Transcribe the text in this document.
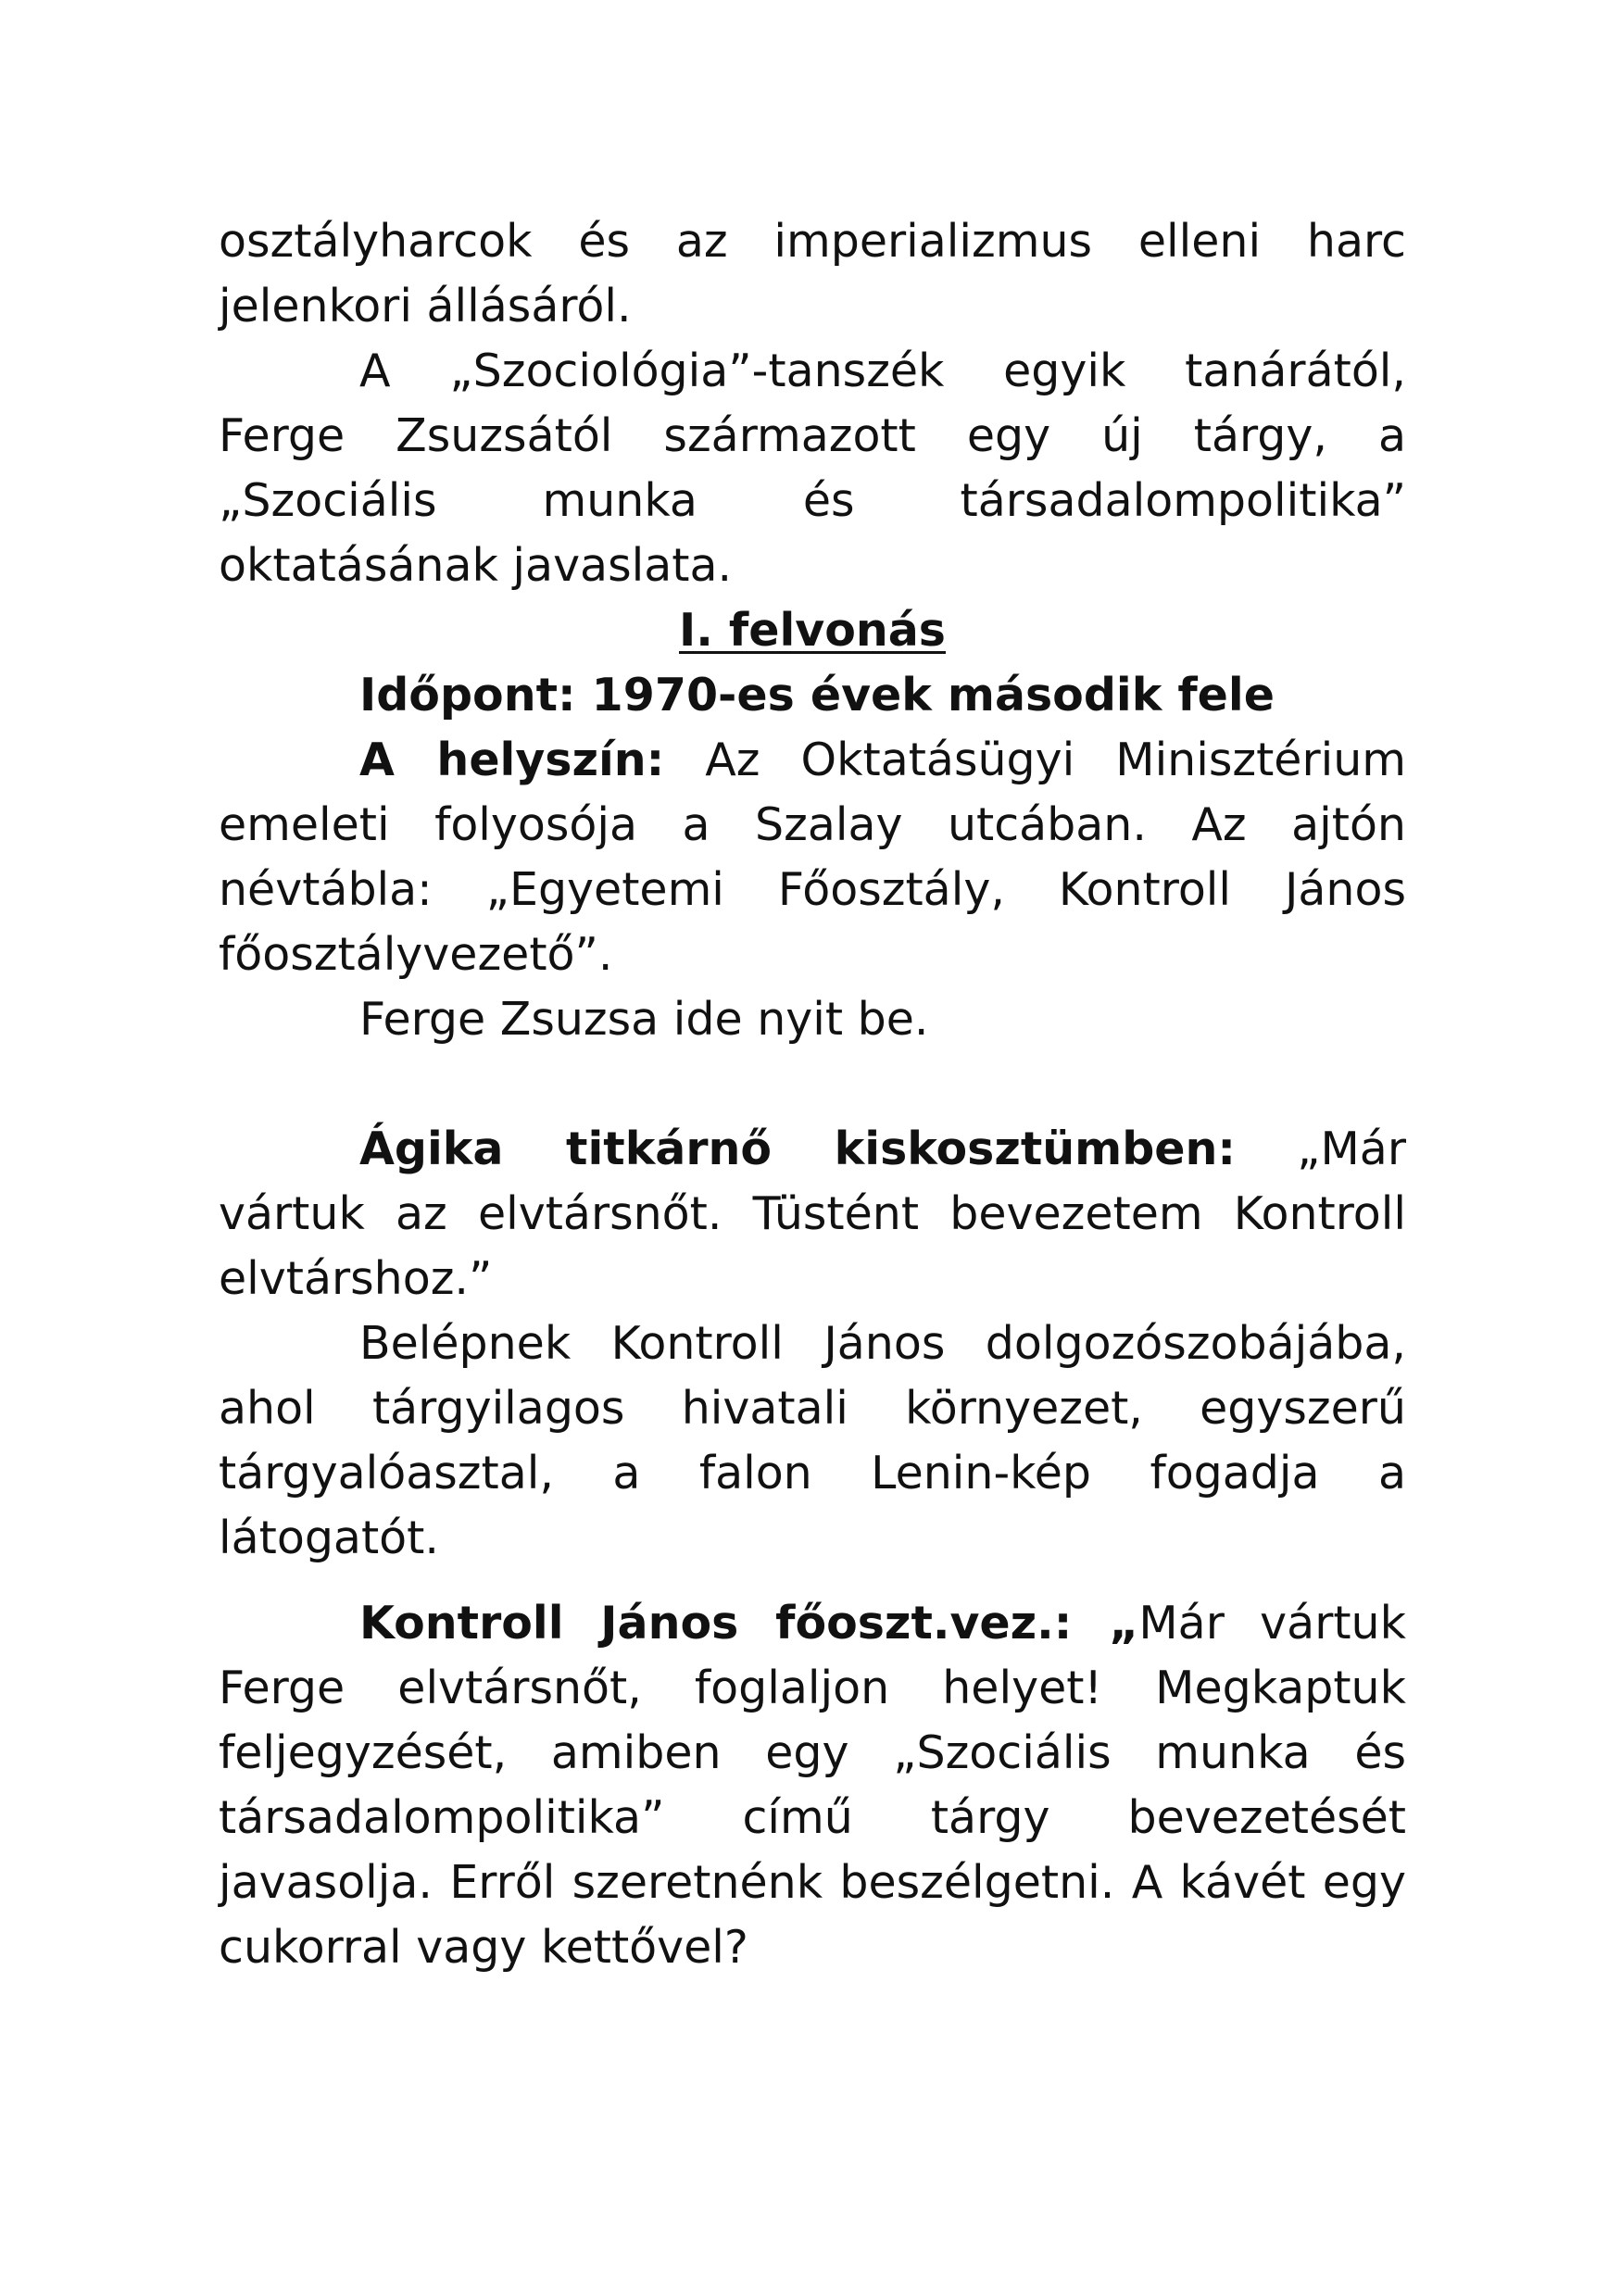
osztályharcok és az imperializmus elleni harc jelenkori állásáról.

A „Szociológia”-tanszék egyik tanárától, Ferge Zsuzsától származott egy új tárgy, a „Szociális munka és társadalompolitika” oktatásának javaslata.

I. felvonás

Időpont: 1970-es évek második fele

A helyszín: Az Oktatásügyi Minisztérium emeleti folyosója a Szalay utcában. Az ajtón névtábla: „Egyetemi Főosztály, Kontroll János főosztályvezető”.

Ferge Zsuzsa ide nyit be.

Ágika titkárnő kiskosztümben: „Már vártuk az elvtársnőt. Tüstént bevezetem Kontroll elvtárshoz.”

Belépnek Kontroll János dolgozószobájába, ahol tárgyilagos hivatali környezet, egyszerű tárgyalóasztal, a falon Lenin-kép fogadja a látogatót.

Kontroll János főoszt.vez.: „Már vártuk Ferge elvtársnőt, foglaljon helyet! Megkaptuk feljegyzését, amiben egy „Szociális munka és társadalompolitika” című tárgy bevezetését javasolja. Erről szeretnénk beszélgetni. A kávét egy cukorral vagy kettővel?
